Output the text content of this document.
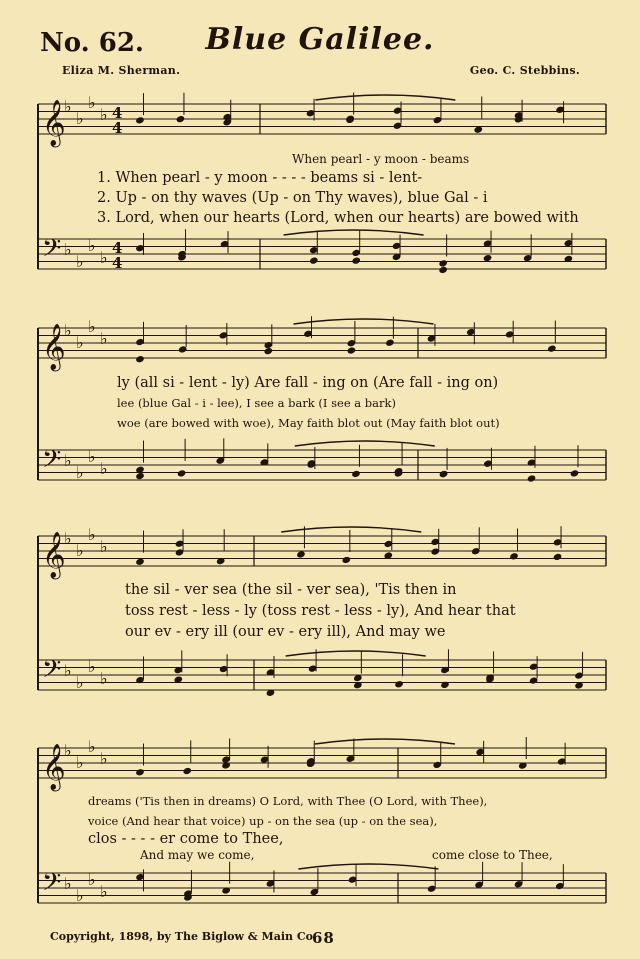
No. 62.	Blue Galilee.
Eliza M. Sherman.	Geo. C. Stebbins.
𝄞
♭
♭
♭
♭
𝄢 ♭
♭
♭
♭
𝄞
♭
♭
♭
♭
𝄢 ♭
♭
♭
♭
𝄞
♭
♭
♭
♭
𝄢 ♭
♭
♭
♭
𝄞
♭
♭
♭
♭
𝄢 ♭
♭
♭
♭
4
4
4
4
When pearl - y moon - beams
1. When pearl - y moon - - - - beams si - lent-
2. Up - on thy waves (Up - on Thy waves), blue Gal - i
3. Lord, when our hearts (Lord, when our hearts) are bowed with
ly (all si - lent - ly) Are fall - ing on (Are fall - ing on)
lee (blue Gal - i - lee), I see a bark (I see a bark)
woe (are bowed with woe), May faith blot out (May faith blot out)
the sil - ver sea (the sil - ver sea), 'Tis then in
toss rest - less - ly (toss rest - less - ly), And hear that
our ev - ery ill (our ev - ery ill), And may we
dreams ('Tis then in dreams) O Lord, with Thee (O Lord, with Thee),
voice (And hear that voice) up - on the sea (up - on the sea),
clos - - - - er come to Thee,
And may we come,	come close to Thee,
Copyright, 1898, by The Biglow & Main Co.
68
